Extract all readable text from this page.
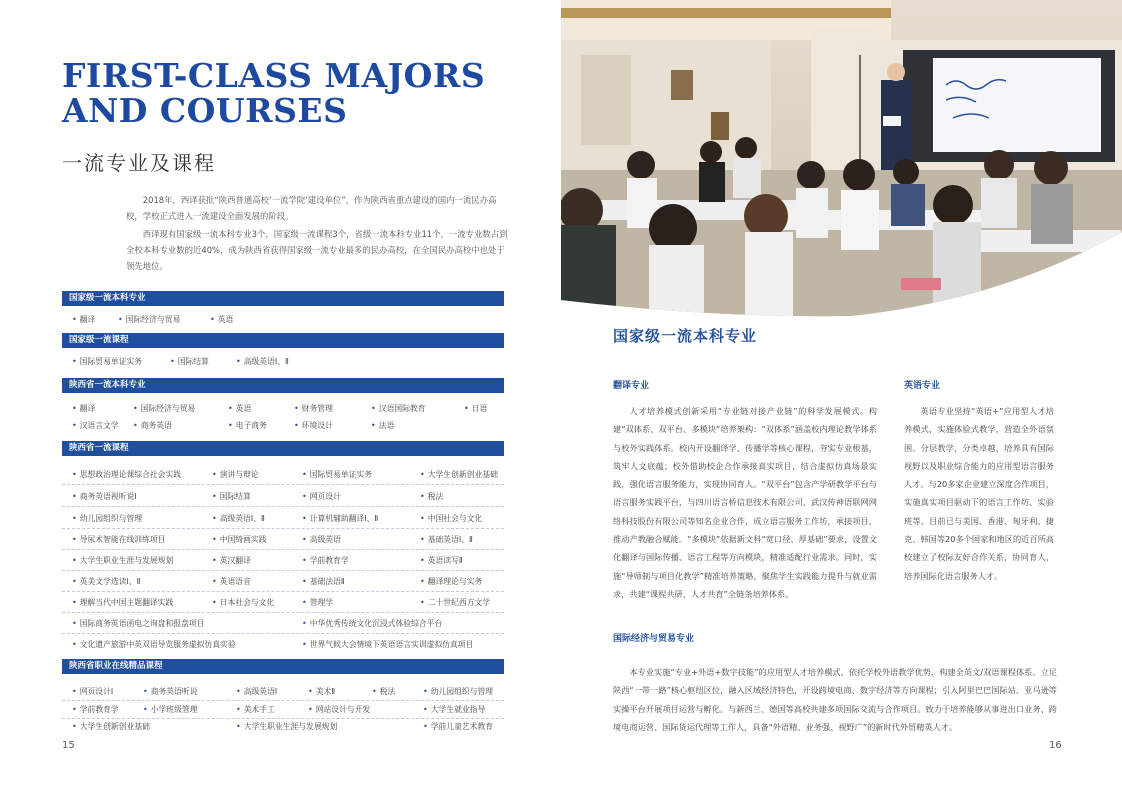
FIRST-CLASS MAJORS
AND COURSES
一流专业及课程

2018年，西译获批“陕西普通高校‘一流学院’建设单位”，作为陕西省重点建设的国内一流民办高校，学校正式进入一流建设全面发展的阶段。

西译现有国家级一流本科专业3个，国家级一流课程3个，省级一流本科专业11个，一流专业数占到全校本科专业数的近40%，成为陕西省获得国家级一流专业最多的民办高校，在全国民办高校中也处于领先地位。

国家级一流本科专业
• 翻译	• 国际经济与贸易	• 英语
国家级一流课程
• 国际贸易单证实务	• 国际结算	• 高级英语Ⅰ、Ⅱ
陕西省一流本科专业
• 翻译	• 国际经济与贸易	• 英语	• 财务管理	• 汉语国际教育	• 日语
• 汉语言文学	• 商务英语	• 电子商务	• 环境设计	• 法语
陕西省一流课程
• 思想政治理论课综合社会实践	• 演讲与辩论	• 国际贸易单证实务	• 大学生创新创业基础
• 商务英语视听说Ⅰ	• 国际结算	• 网页设计	• 税法
• 幼儿园组织与管理	• 高级英语Ⅰ、Ⅱ	• 计算机辅助翻译Ⅰ、Ⅱ	• 中国社会与文化
• 导尿术智能在线训练项目	• 中国绮画实践	• 高级英语	• 基础英语Ⅰ、Ⅱ
• 大学生职业生涯与发展规划	• 英汉翻译	• 学前教育学	• 英语读写Ⅱ
• 英美文学选读Ⅰ、Ⅱ	• 英语语音	• 基础法语Ⅱ	• 翻译理论与实务
• 理解当代中国主题翻译实践	• 日本社会与文化	• 管理学	• 二十世纪西方文学
• 国际商务英语函电之询盘和报盘项目	• 中华优秀传统文化沉浸式体验综合平台
• 文化遗产旅游中英双语导览服务虚拟仿真实验	• 世界气候大会情境下英语语言实训虚拟仿真项目
陕西省职业在线精品课程
• 网页设计Ⅰ	• 商务英语听说	• 高级英语Ⅰ	• 美术Ⅱ	• 税法	• 幼儿园组织与管理
• 学前教育学	• 小学班级管理	• 美术手工	• 网站设计与开发	• 大学生就业指导
• 大学生创新创业基础	• 大学生职业生涯与发展规划	• 学前儿童艺术教育
15
国家级一流本科专业
翻译专业
人才培养模式创新采用“专业链对接产业链”的科学发展模式。构建“双体系、双平台、多模块”培养架构：“双体系”涵盖校内理论教学体系与校外实践体系。校内开设翻译学、传播学等核心课程，夯实专业根基，筑牢人文底蕴；校外借助校企合作承接真实项目，结合虚拟仿真场景实践，强化语言服务能力，实现协同育人。“双平台”包含产学研教学平台与语言服务实践平台，与四川语言桥信息技术有限公司、武汉传神语联网网络科技股份有限公司等知名企业合作，成立语言服务工作坊，承接项目，推动产教融合赋能。“多模块”依据新文科“宽口径、厚基础”要求，设置文化翻译与国际传播、语言工程等方向模块，精准适配行业需求。同时，实施“导师制与项目化教学”精准培养策略，聚焦学生实践能力提升与就业需求，共建“课程共研、人才共育”全链条培养体系。
英语专业
英语专业坚持“英语+”应用型人才培养模式，实施体验式教学，营造全外语氛围。分层教学，分类卓越，培养具有国际视野以及职业综合能力的应用型语言服务人才。与20多家企业建立深度合作项目，实施真实项目驱动下的语言工作坊、实验班等。目前已与美国、香港、匈牙利、捷克、韩国等20多个国家和地区的近百所高校建立了校际友好合作关系，协同育人，培养国际化语言服务人才。
国际经济与贸易专业
本专业实施“专业+外语+数字技能”的应用型人才培养模式，依托学校外语教学优势，构建全英文/双语课程体系。立足陕西“一带一路”核心枢纽区位，融入区域经济特色，开设跨境电商、数字经济等方向课程；引入阿里巴巴国际站、亚马逊等实操平台开展项目运营与孵化。与新西兰、德国等高校共建多项国际交流与合作项目。致力于培养能够从事进出口业务、跨境电商运营、国际货运代理等工作人，具备“外语精、业务强、视野广”的新时代外贸精英人才。
16
